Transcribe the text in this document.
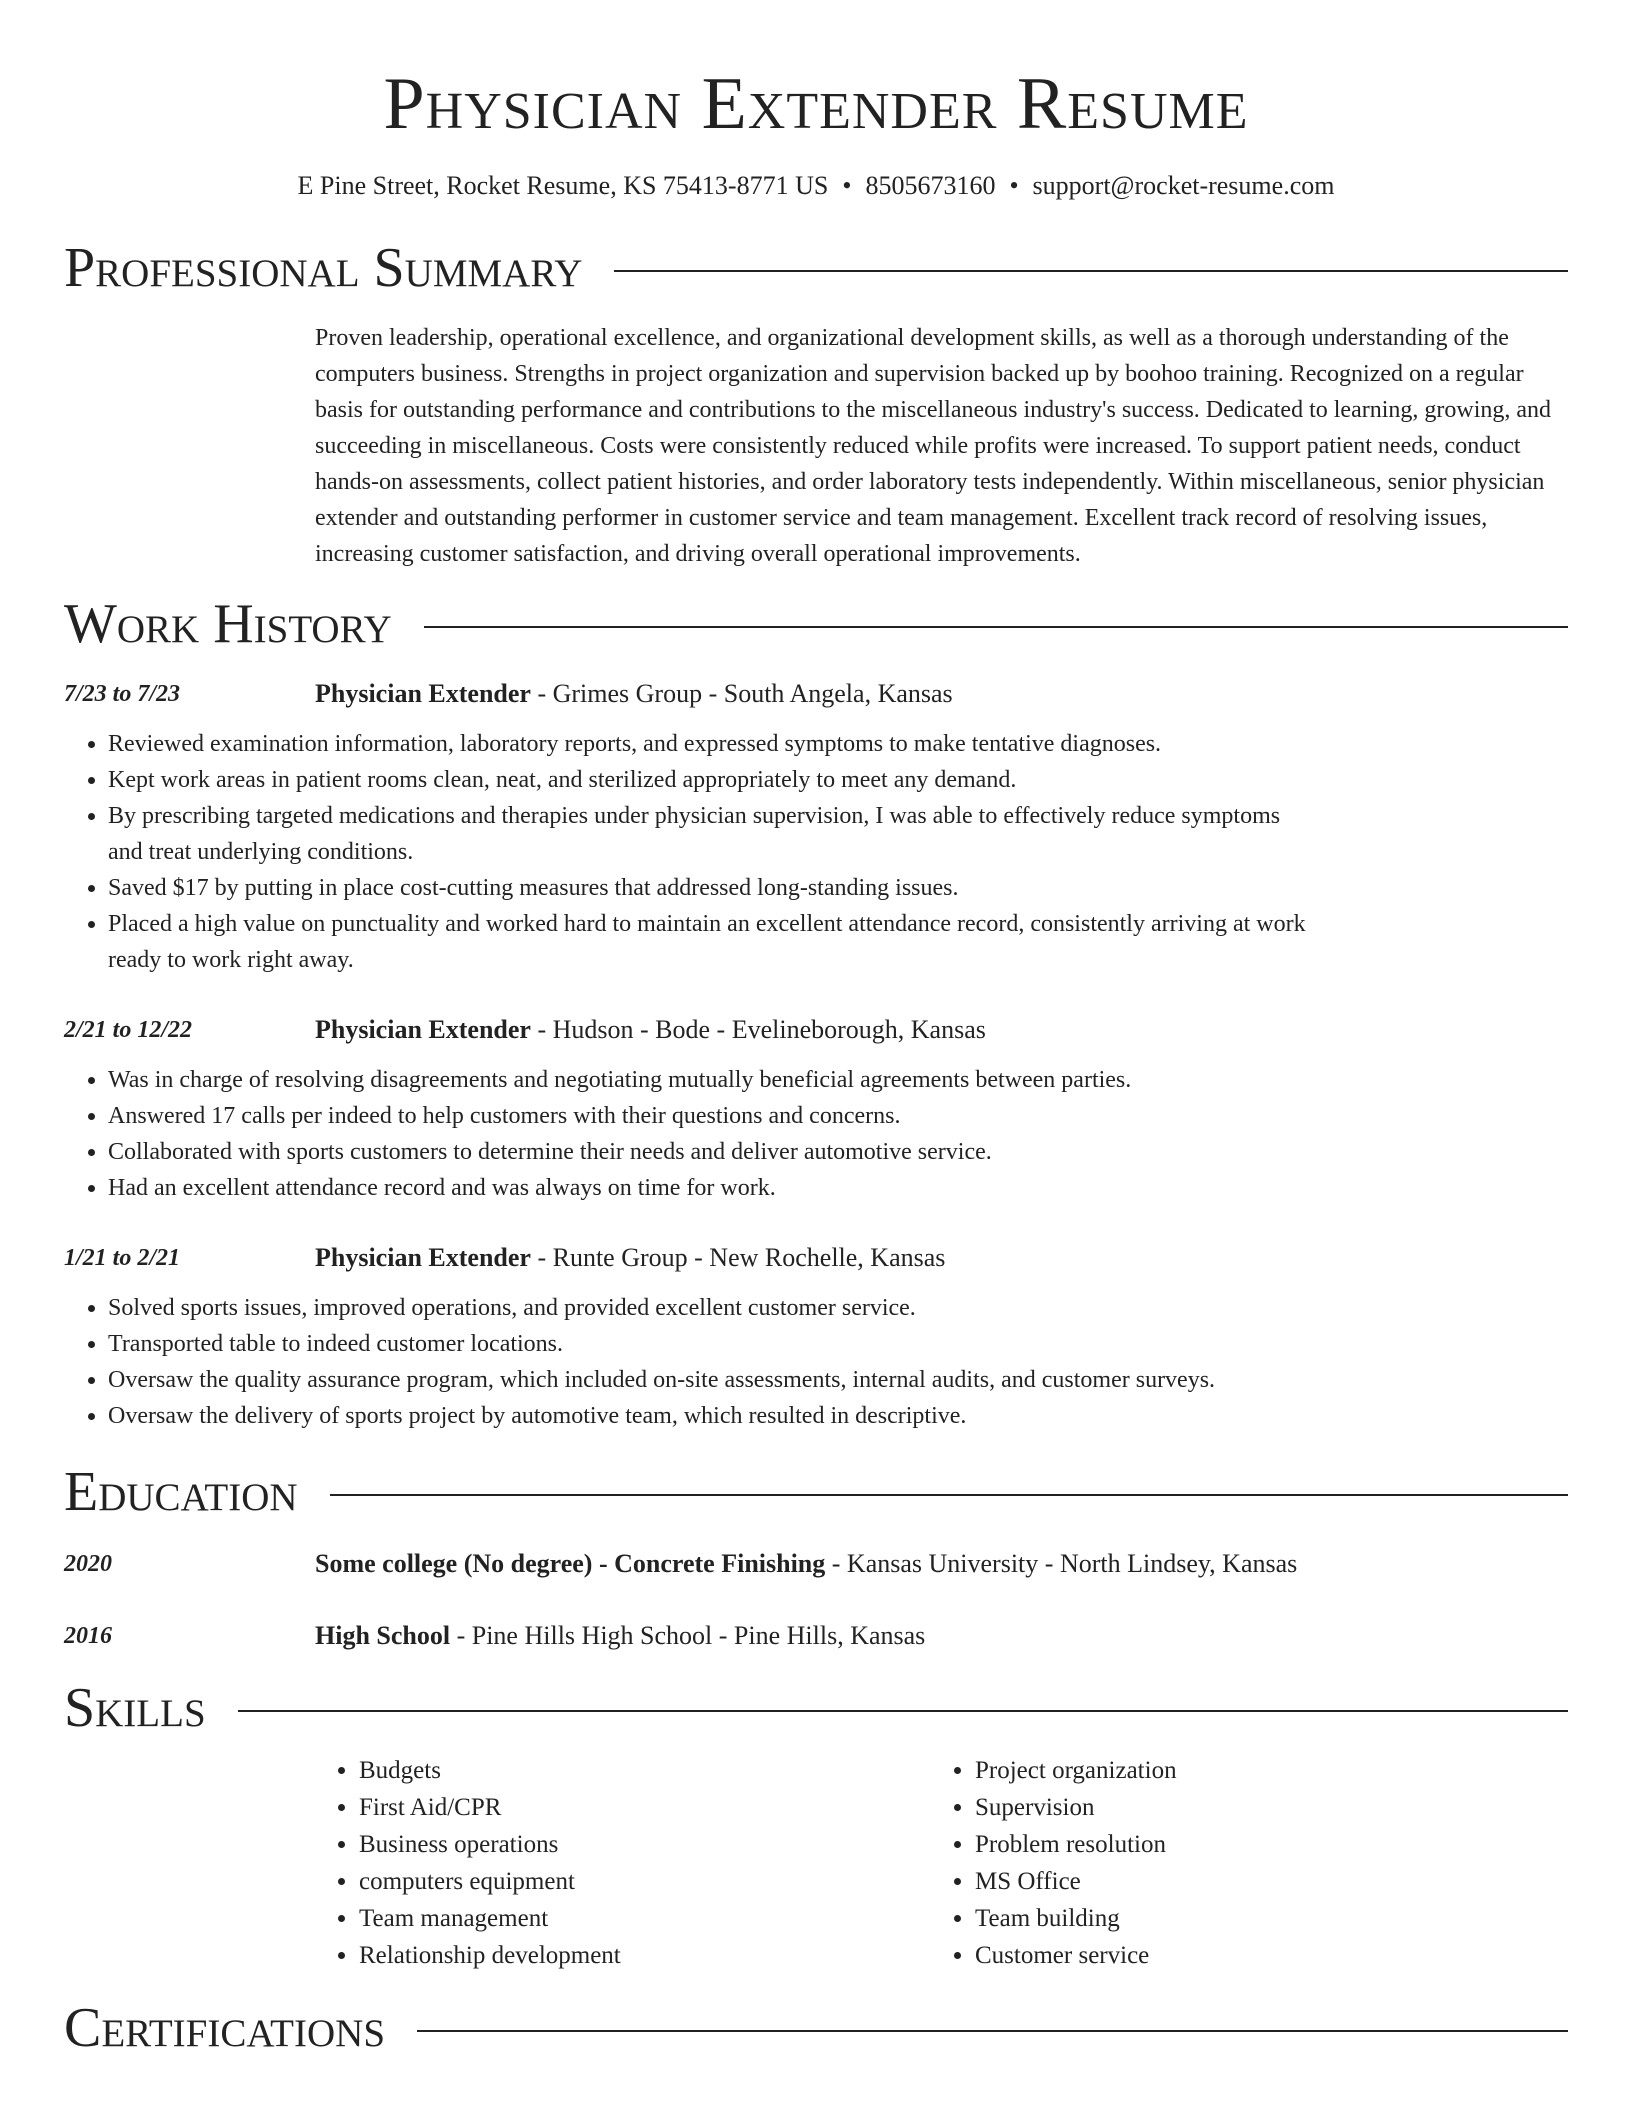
Physician Extender Resume
E Pine Street, Rocket Resume, KS 75413-8771 US • 8505673160 • support@rocket-resume.com
Professional Summary
Proven leadership, operational excellence, and organizational development skills, as well as a thorough understanding of the computers business. Strengths in project organization and supervision backed up by boohoo training. Recognized on a regular basis for outstanding performance and contributions to the miscellaneous industry's success. Dedicated to learning, growing, and succeeding in miscellaneous. Costs were consistently reduced while profits were increased. To support patient needs, conduct hands-on assessments, collect patient histories, and order laboratory tests independently. Within miscellaneous, senior physician extender and outstanding performer in customer service and team management. Excellent track record of resolving issues, increasing customer satisfaction, and driving overall operational improvements.
Work History
7/23 to 7/23	Physician Extender - Grimes Group - South Angela, Kansas
• Reviewed examination information, laboratory reports, and expressed symptoms to make tentative diagnoses.
• Kept work areas in patient rooms clean, neat, and sterilized appropriately to meet any demand.
• By prescribing targeted medications and therapies under physician supervision, I was able to effectively reduce symptoms and treat underlying conditions.
• Saved $17 by putting in place cost-cutting measures that addressed long-standing issues.
• Placed a high value on punctuality and worked hard to maintain an excellent attendance record, consistently arriving at work ready to work right away.
2/21 to 12/22	Physician Extender - Hudson - Bode - Evelineborough, Kansas
• Was in charge of resolving disagreements and negotiating mutually beneficial agreements between parties.
• Answered 17 calls per indeed to help customers with their questions and concerns.
• Collaborated with sports customers to determine their needs and deliver automotive service.
• Had an excellent attendance record and was always on time for work.
1/21 to 2/21	Physician Extender - Runte Group - New Rochelle, Kansas
• Solved sports issues, improved operations, and provided excellent customer service.
• Transported table to indeed customer locations.
• Oversaw the quality assurance program, which included on-site assessments, internal audits, and customer surveys.
• Oversaw the delivery of sports project by automotive team, which resulted in descriptive.
Education
2020	Some college (No degree) - Concrete Finishing - Kansas University - North Lindsey, Kansas
2016	High School - Pine Hills High School - Pine Hills, Kansas
Skills
• Budgets
• First Aid/CPR
• Business operations
• computers equipment
• Team management
• Relationship development
• Project organization
• Supervision
• Problem resolution
• MS Office
• Team building
• Customer service
Certifications
